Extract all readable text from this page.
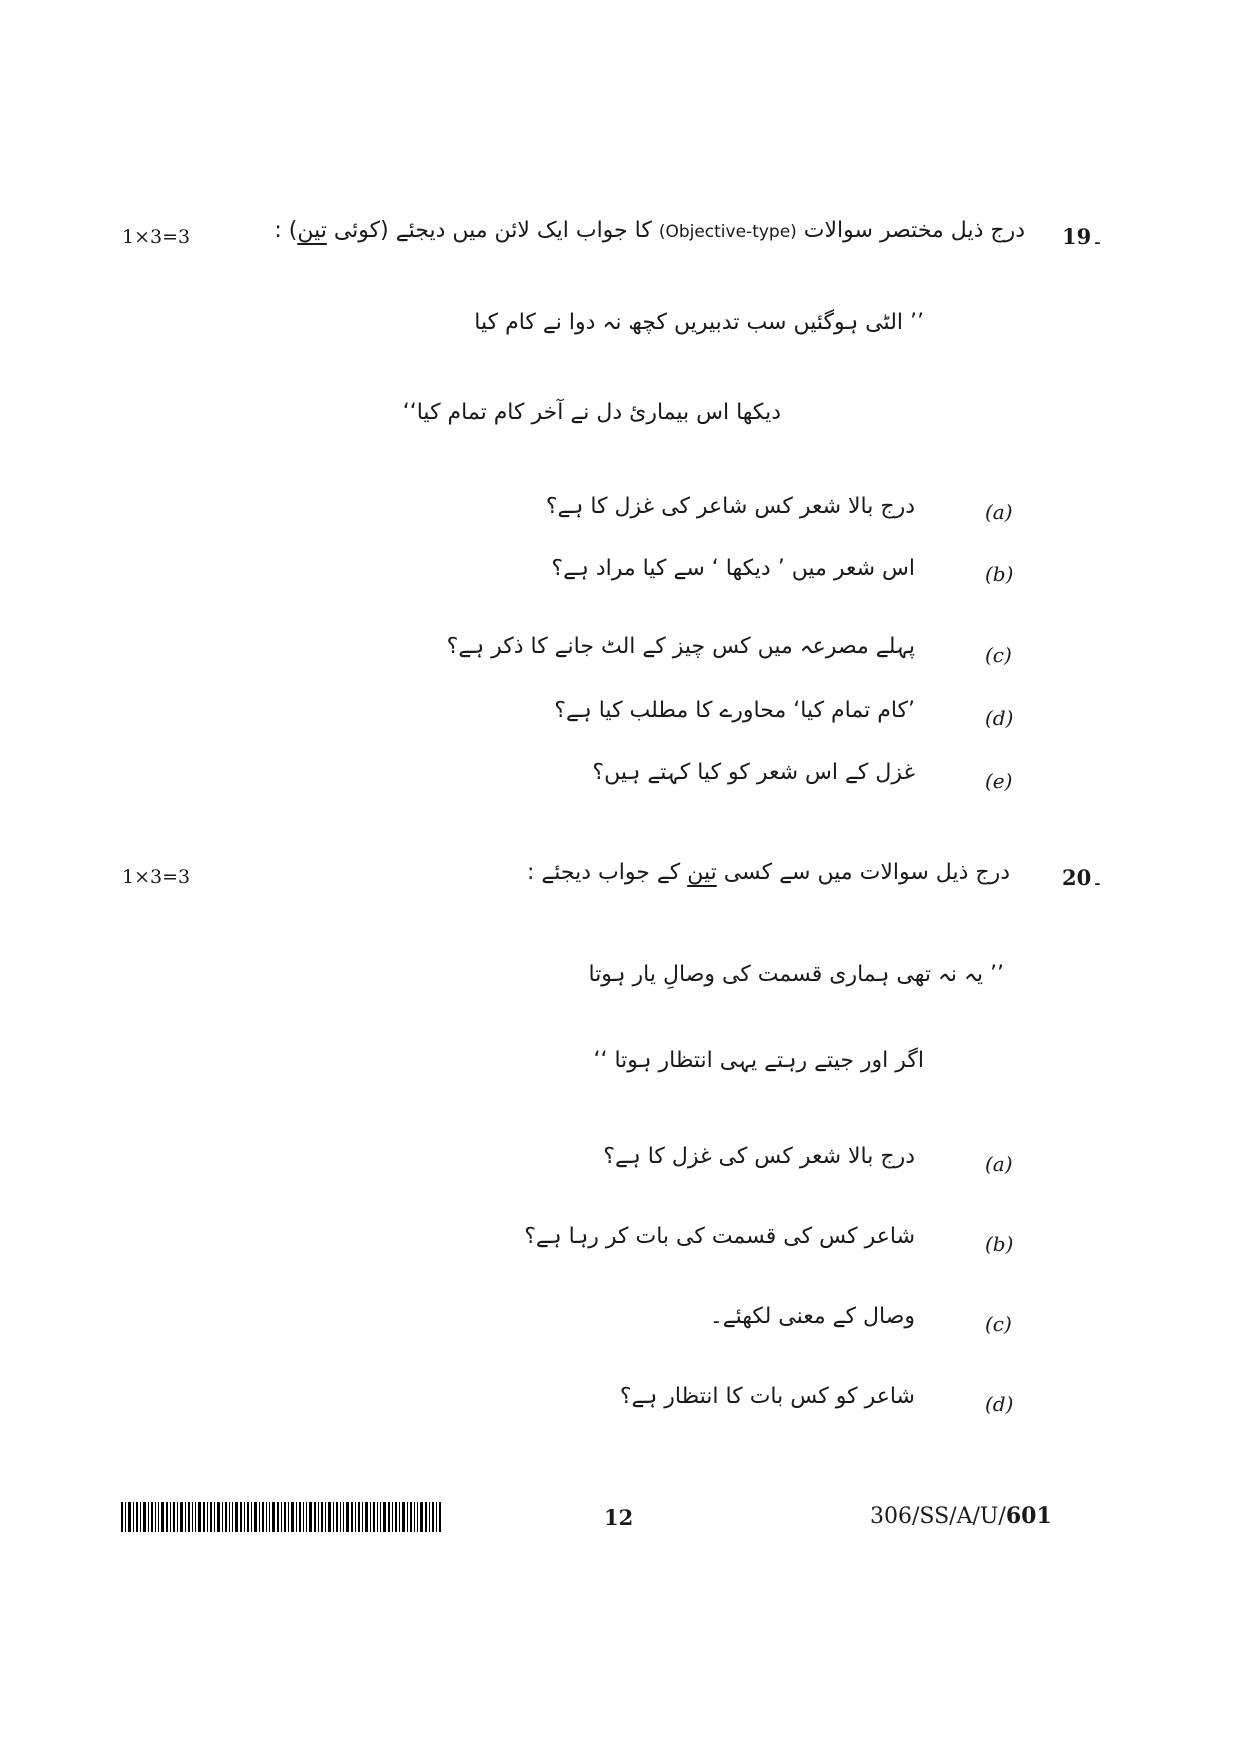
1×3=3	۔19
درج ذیل مختصر سوالات (Objective-type) کا جواب ایک لائن میں دیجئے (کوئی تین) :
’’ الٹی ہوگئیں سب تدبیریں کچھ نہ دوا نے کام کیا
دیکھا اس بیماریٔ دل نے آخر کام تمام کیا‘‘
(a)
درج بالا شعر کس شاعر کی غزل کا ہے؟
(b)
اس شعر میں ’ دیکھا ‘ سے کیا مراد ہے؟
(c)
پہلے مصرعہ میں کس چیز کے الٹ جانے کا ذکر ہے؟
(d)
’کام تمام کیا‘ محاورے کا مطلب کیا ہے؟
(e)
غزل کے اس شعر کو کیا کہتے ہیں؟
1×3=3	۔20
درج ذیل سوالات میں سے کسی تین کے جواب دیجئے :
’’ یہ نہ تھی ہماری قسمت کی وصالِ یار ہوتا
اگر اور جیتے رہتے یہی انتظار ہوتا ‘‘
(a)
درج بالا شعر کس کی غزل کا ہے؟
(b)
شاعر کس کی قسمت کی بات کر رہا ہے؟
(c)
وصال کے معنی لکھئے۔
(d)
شاعر کو کس بات کا انتظار ہے؟
12	306/SS/A/U/601
